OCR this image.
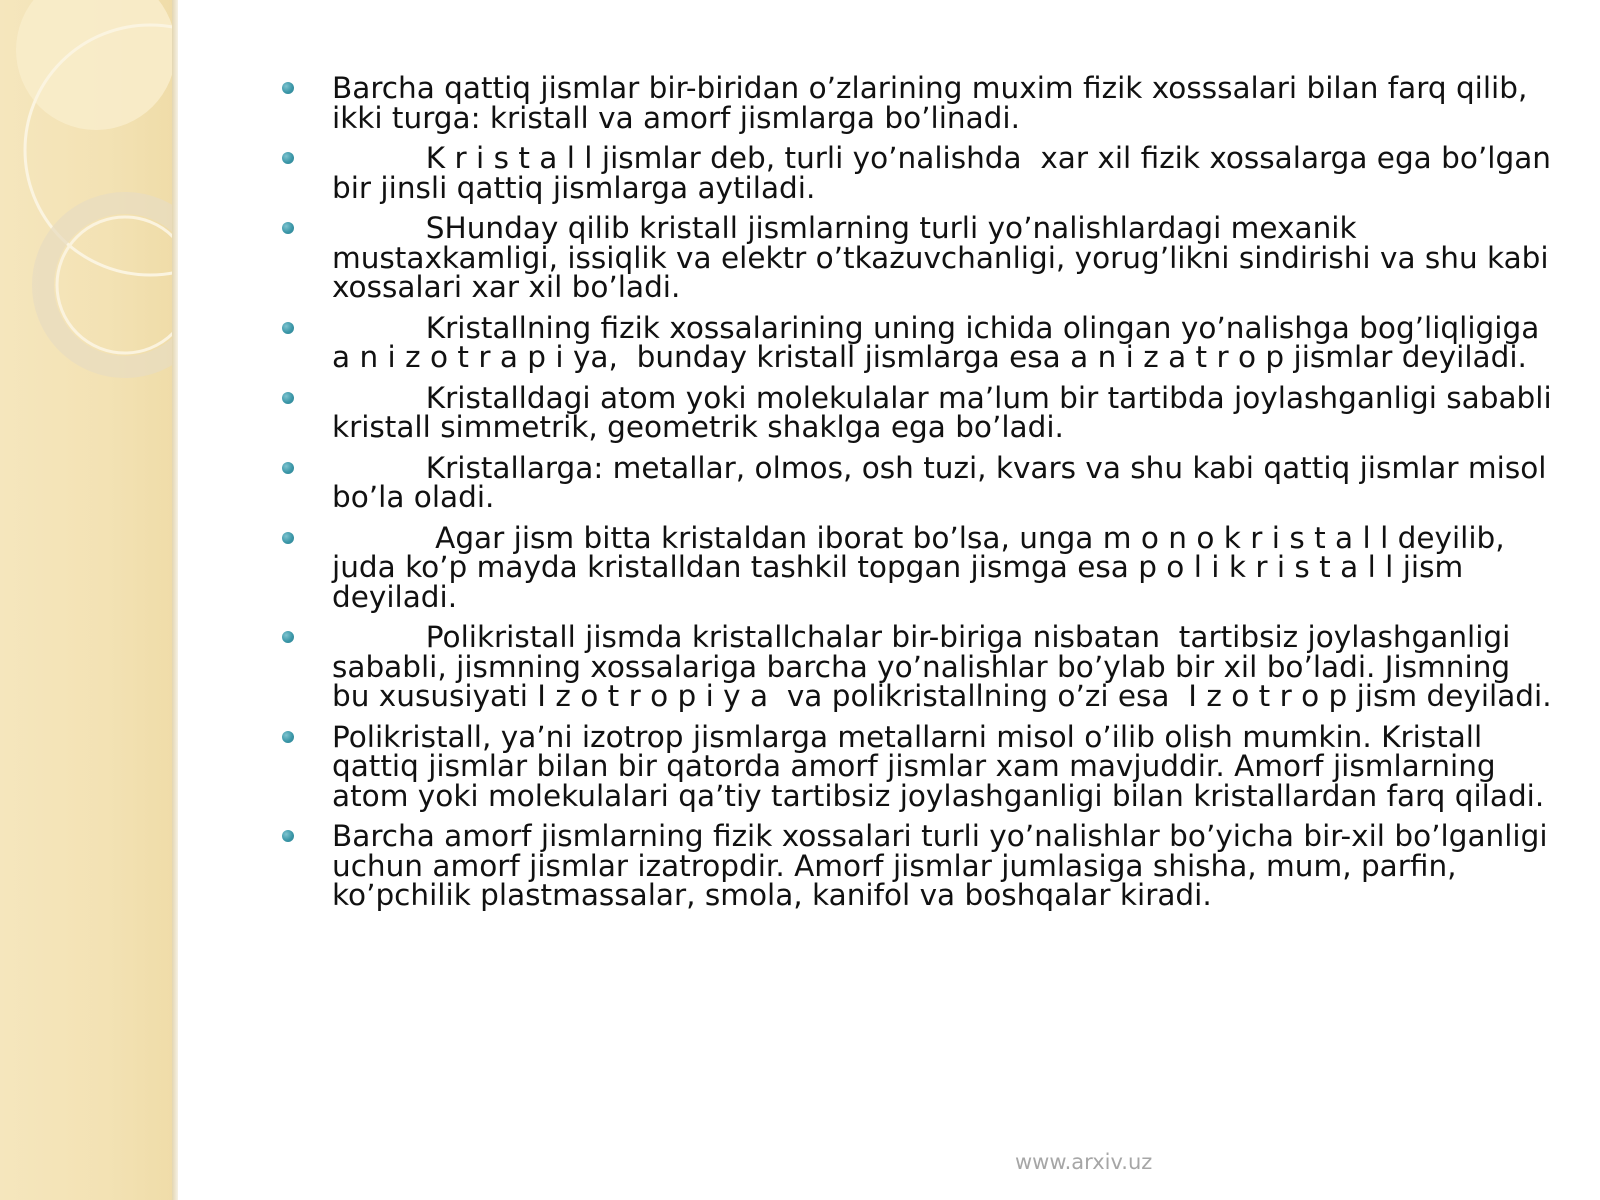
Barcha qattiq jismlar bir-biridan o’zlarining muxim fizik xosssalari bilan farq qilib, ikki turga: kristall va amorf jismlarga bo’linadi.
K r i s t a l l jismlar deb, turli yo’nalishda  xar xil fizik xossalarga ega bo’lgan bir jinsli qattiq jismlarga aytiladi.
SHunday qilib kristall jismlarning turli yo’nalishlardagi mexanik mustaxkamligi, issiqlik va elektr o’tkazuvchanligi, yorug’likni sindirishi va shu kabi xossalari xar xil bo’ladi.
Kristallning fizik xossalarining uning ichida olingan yo’nalishga bog’liqligiga  a n i z o t r a p i ya,  bunday kristall jismlarga esa a n i z a t r o p jismlar deyiladi.
Kristalldagi atom yoki molekulalar ma’lum bir tartibda joylashganligi sababli kristall simmetrik, geometrik shaklga ega bo’ladi.
Kristallarga: metallar, olmos, osh tuzi, kvars va shu kabi qattiq jismlar misol bo’la oladi.
Agar jism bitta kristaldan iborat bo’lsa, unga m o n o k r i s t a l l deyilib, juda ko’p mayda kristalldan tashkil topgan jismga esa p o l i k r i s t a l l jism deyiladi.
Polikristall jismda kristallchalar bir-biriga nisbatan  tartibsiz joylashganligi sababli, jismning xossalariga barcha yo’nalishlar bo’ylab bir xil bo’ladi. Jismning bu xususiyati I z o t r o p i y a  va polikristallning o’zi esa  I z o t r o p jism deyiladi.
Polikristall, ya’ni izotrop jismlarga metallarni misol o’ilib olish mumkin. Kristall qattiq jismlar bilan bir qatorda amorf jismlar xam mavjuddir. Amorf jismlarning atom yoki molekulalari qa’tiy tartibsiz joylashganligi bilan kristallardan farq qiladi.
Barcha amorf jismlarning fizik xossalari turli yo’nalishlar bo’yicha bir-xil bo’lganligi uchun amorf jismlar izatropdir. Amorf jismlar jumlasiga shisha, mum, parfin, ko’pchilik plastmassalar, smola, kanifol va boshqalar kiradi.
www.arxiv.uz
